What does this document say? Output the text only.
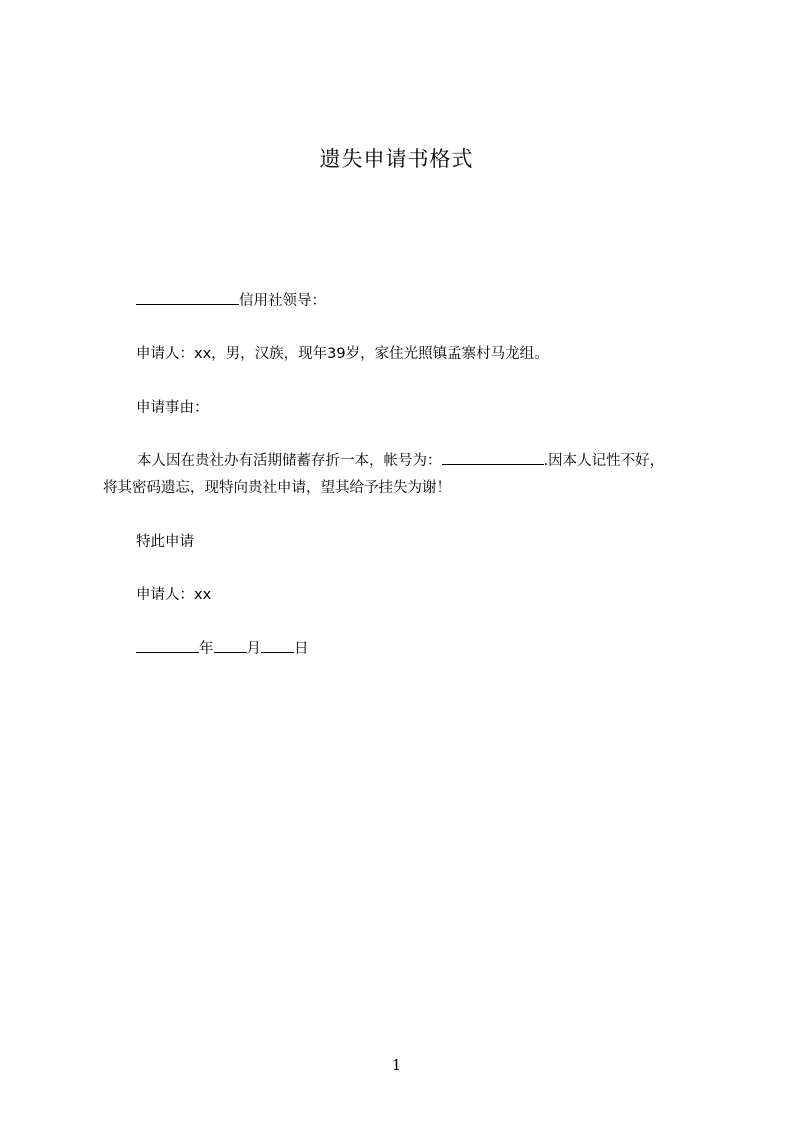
遗失申请书格式
信用社领导：
申请人：xx，男，汉族，现年39岁，家住光照镇孟寨村马龙组。
申请事由：
本人因在贵社办有活期储蓄存折一本，帐号为：	.因本人记性不好，
将其密码遗忘，现特向贵社申请，望其给予挂失为谢！
特此申请
申请人：xx
年 月 日
1
